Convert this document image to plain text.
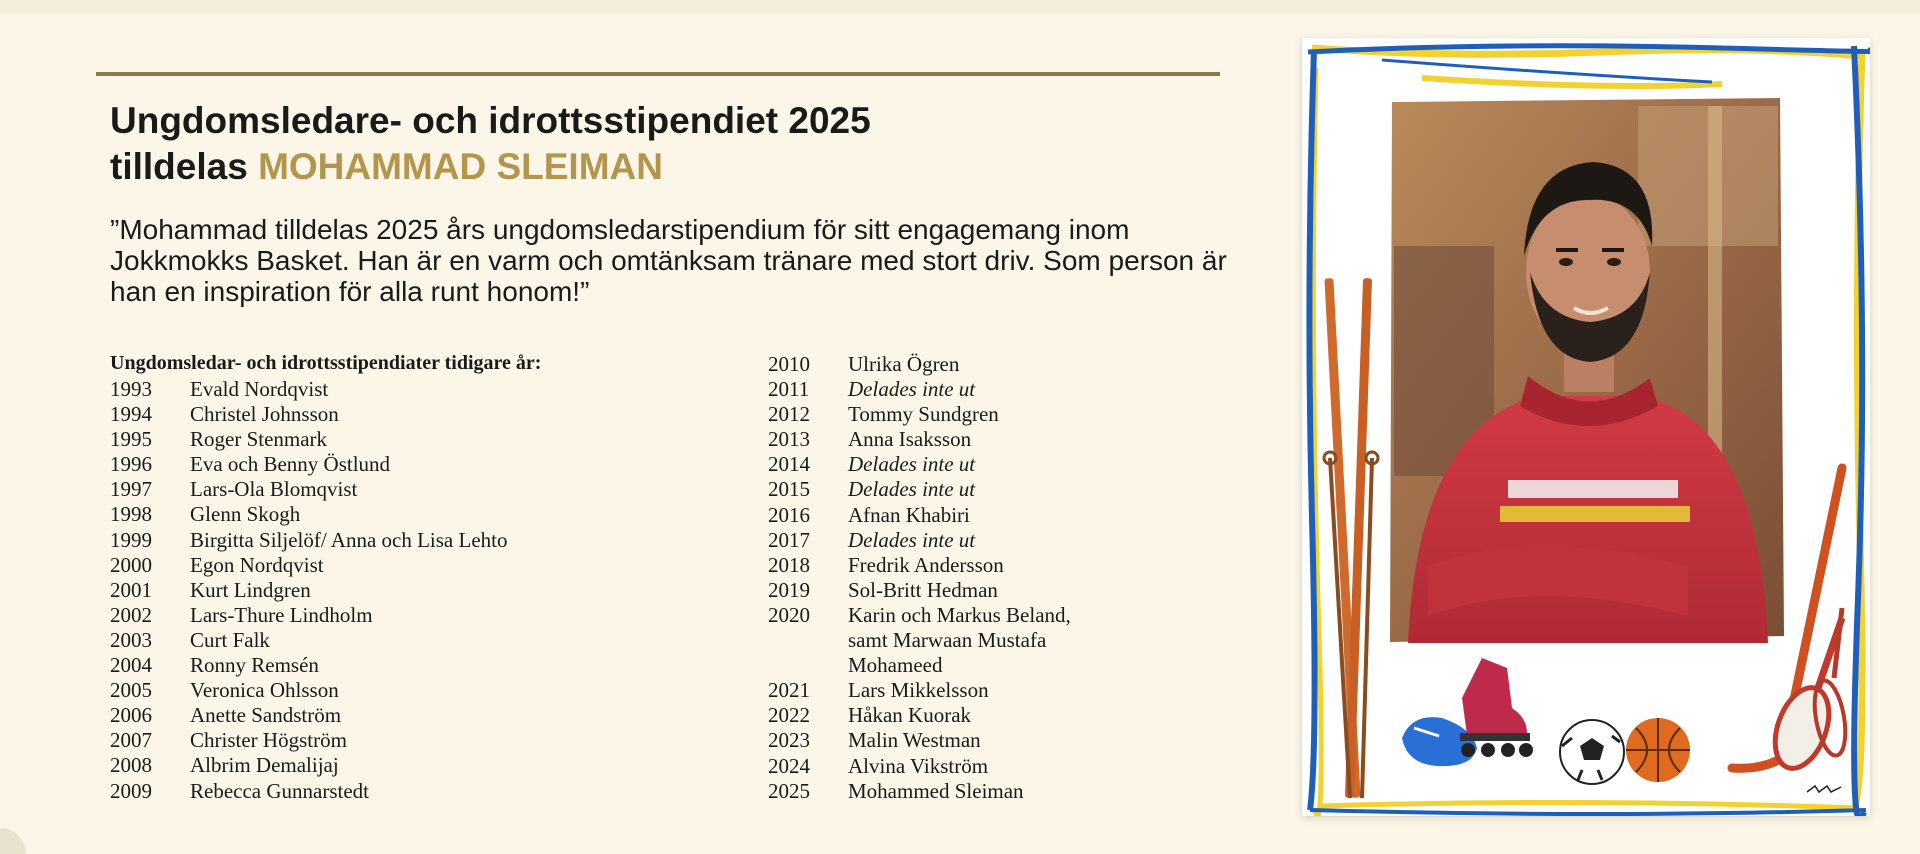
Ungdomsledare- och idrottsstipendiet 2025
tilldelas MOHAMMAD SLEIMAN
”Mohammad tilldelas 2025 års ungdomsledarstipendium för sitt engagemang inom Jokkmokks Basket. Han är en varm och omtänksam tränare med stort driv. Som person är han en inspiration för alla runt honom!”
Ungdomsledar- och idrottsstipendiater tidigare år:
1993	Evald Nordqvist
1994	Christel Johnsson
1995	Roger Stenmark
1996	Eva och Benny Östlund
1997	Lars-Ola Blomqvist
1998	Glenn Skogh
1999	Birgitta Siljelöf/ Anna och Lisa Lehto
2000	Egon Nordqvist
2001	Kurt Lindgren
2002	Lars-Thure Lindholm
2003	Curt Falk
2004	Ronny Remsén
2005	Veronica Ohlsson
2006	Anette Sandström
2007	Christer Högström
2008	Albrim Demalijaj
2009	Rebecca Gunnarstedt
2010	Ulrika Ögren
2011	Delades inte ut
2012	Tommy Sundgren
2013	Anna Isaksson
2014	Delades inte ut
2015	Delades inte ut
2016	Afnan Khabiri
2017	Delades inte ut
2018	Fredrik Andersson
2019	Sol-Britt Hedman
2020	Karin och Markus Beland,
samt Marwaan Mustafa
Mohameed
2021	Lars Mikkelsson
2022	Håkan Kuorak
2023	Malin Westman
2024	Alvina Vikström
2025	Mohammed Sleiman
